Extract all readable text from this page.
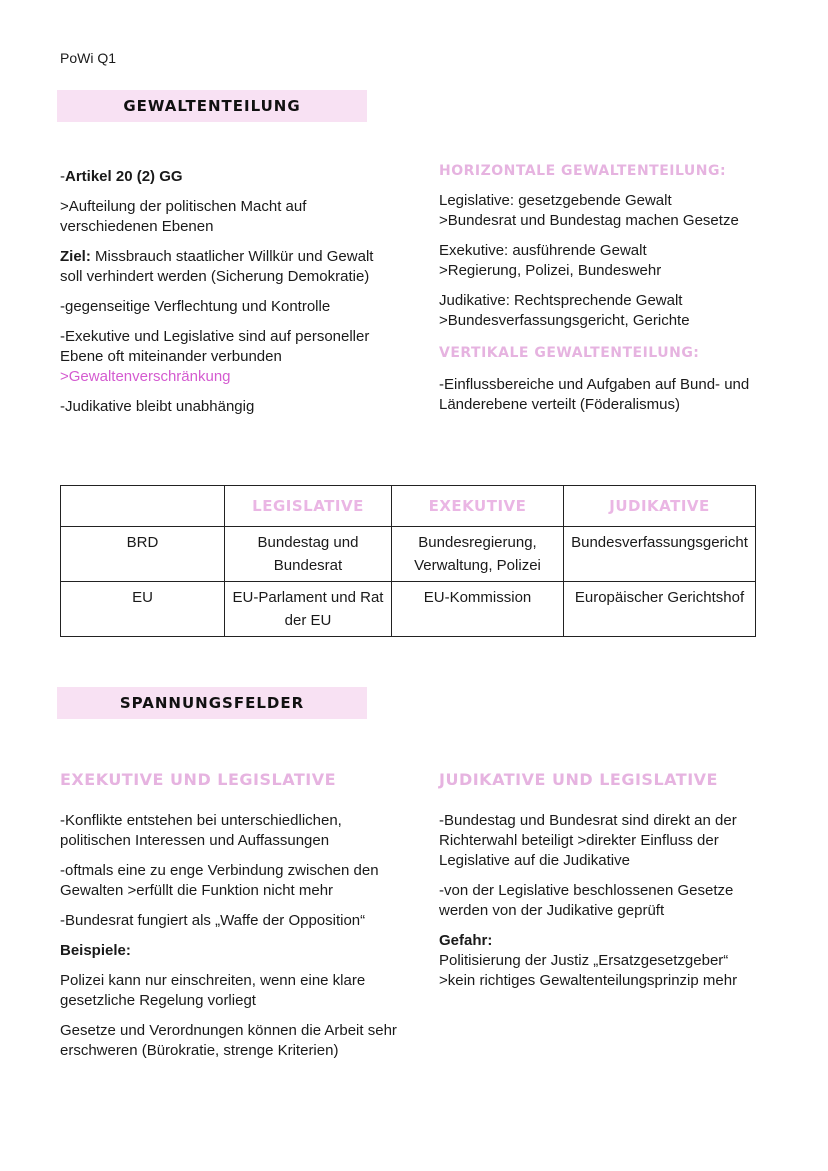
PoWi Q1
GEWALTENTEILUNG

-Artikel 20 (2) GG

>Aufteilung der politischen Macht auf verschiedenen Ebenen

Ziel: Missbrauch staatlicher Willkür und Gewalt soll verhindert werden (Sicherung Demokratie)

-gegenseitige Verflechtung und Kontrolle

-Exekutive und Legislative sind auf personeller Ebene oft miteinander verbunden
>Gewaltenverschränkung

-Judikative bleibt unabhängig

HORIZONTALE GEWALTENTEILUNG:

Legislative: gesetzgebende Gewalt
>Bundesrat und Bundestag machen Gesetze

Exekutive: ausführende Gewalt
>Regierung, Polizei, Bundeswehr

Judikative: Rechtsprechende Gewalt
>Bundesverfassungsgericht, Gerichte

VERTIKALE GEWALTENTEILUNG:

-Einflussbereiche und Aufgaben auf Bund- und Länderebene verteilt (Föderalismus)

	LEGISLATIVE	EXEKUTIVE	JUDIKATIVE
BRD	Bundestag und Bundesrat	Bundesregierung, Verwaltung, Polizei	Bundesverfassungsgericht
EU	EU-Parlament und Rat der EU	EU-Kommission	Europäischer Gerichtshof
SPANNUNGSFELDER
EXEKUTIVE UND LEGISLATIVE

-Konflikte entstehen bei unterschiedlichen, politischen Interessen und Auffassungen

-oftmals eine zu enge Verbindung zwischen den Gewalten >erfüllt die Funktion nicht mehr

-Bundesrat fungiert als „Waffe der Opposition“

Beispiele:

Polizei kann nur einschreiten, wenn eine klare gesetzliche Regelung vorliegt

Gesetze und Verordnungen können die Arbeit sehr erschweren (Bürokratie, strenge Kriterien)

JUDIKATIVE UND LEGISLATIVE

-Bundestag und Bundesrat sind direkt an der Richterwahl beteiligt >direkter Einfluss der Legislative auf die Judikative

-von der Legislative beschlossenen Gesetze werden von der Judikative geprüft

Gefahr:

Politisierung der Justiz „Ersatzgesetzgeber“
>kein richtiges Gewaltenteilungsprinzip mehr
